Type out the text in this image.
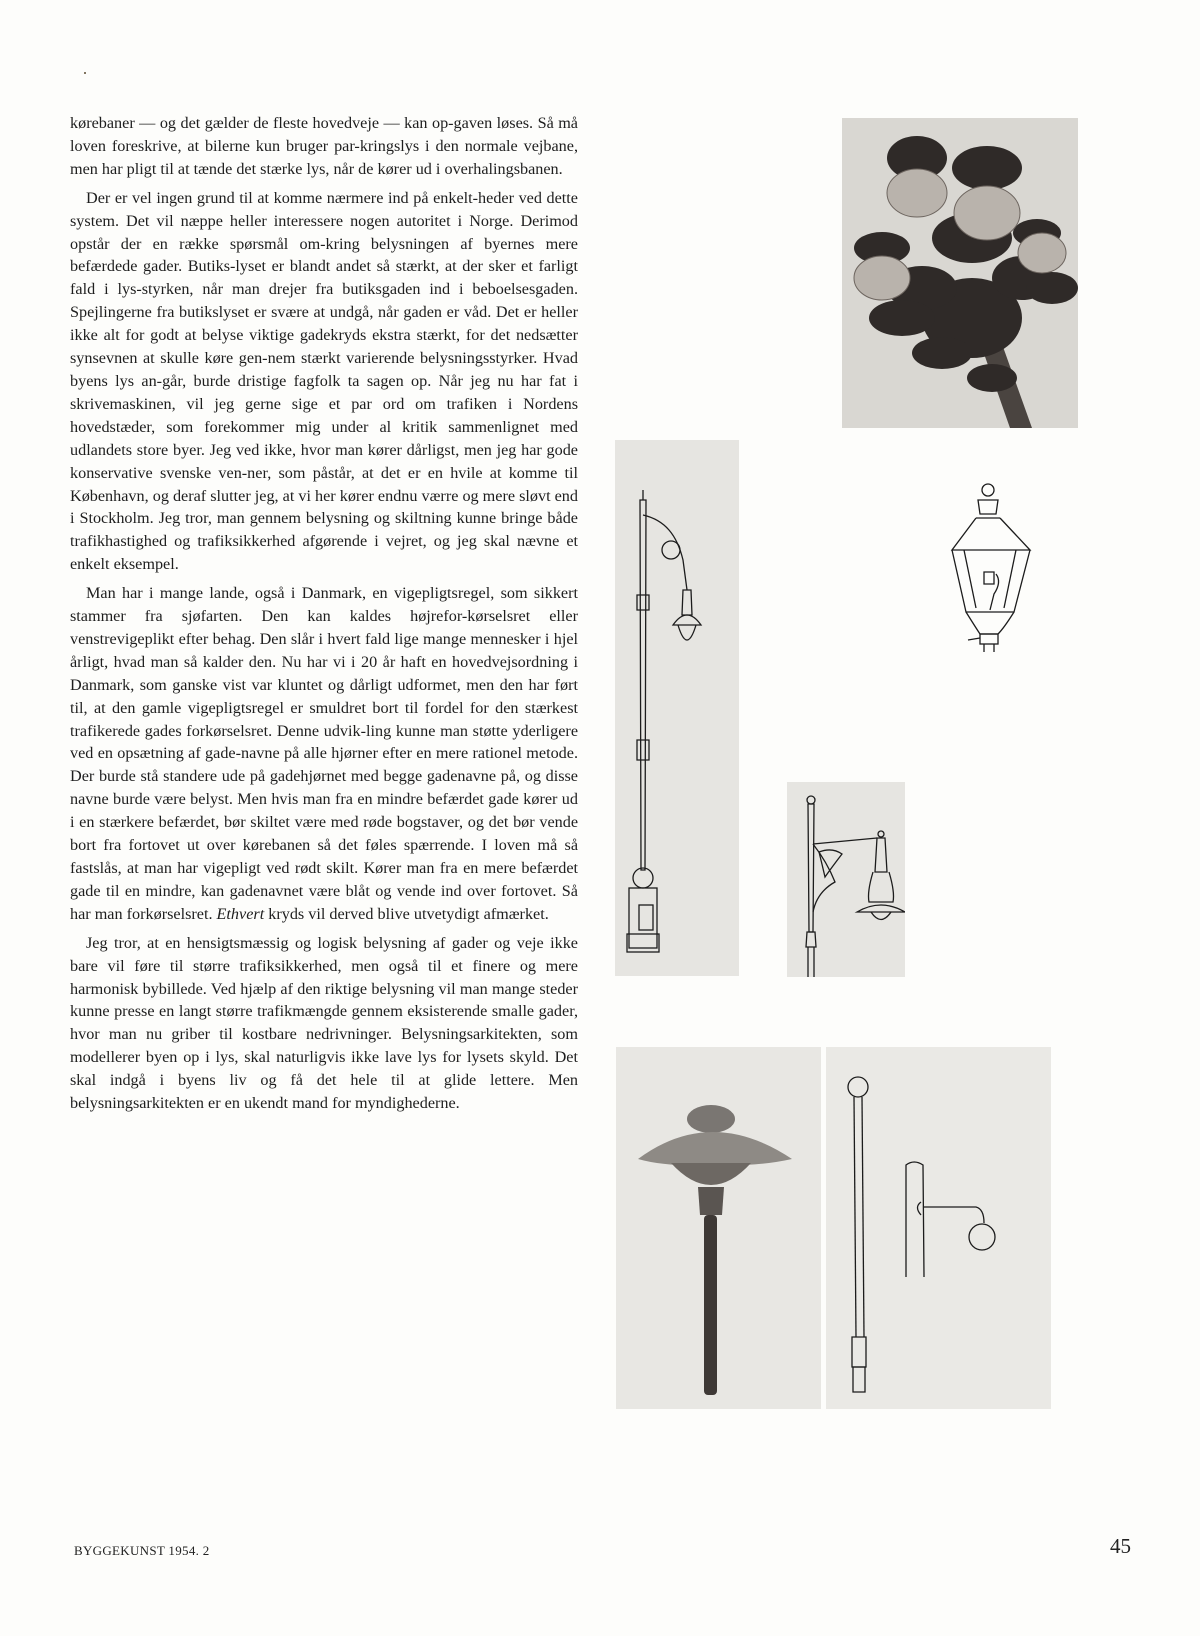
kørebaner — og det gælder de fleste hovedveje — kan op-gaven løses. Så må loven foreskrive, at bilerne kun bruger par-kringslys i den normale vejbane, men har pligt til at tænde det stærke lys, når de kører ud i overhalingsbanen.

Der er vel ingen grund til at komme nærmere ind på enkelt-heder ved dette system. Det vil næppe heller interessere nogen autoritet i Norge. Derimod opstår der en række spørsmål om-kring belysningen af byernes mere befærdede gader. Butiks-lyset er blandt andet så stærkt, at der sker et farligt fald i lys-styrken, når man drejer fra butiksgaden ind i beboelsesgaden. Spejlingerne fra butikslyset er svære at undgå, når gaden er våd. Det er heller ikke alt for godt at belyse viktige gadekryds ekstra stærkt, for det nedsætter synsevnen at skulle køre gen-nem stærkt varierende belysningsstyrker. Hvad byens lys an-går, burde dristige fagfolk ta sagen op. Når jeg nu har fat i skrivemaskinen, vil jeg gerne sige et par ord om trafiken i Nordens hovedstæder, som forekommer mig under al kritik sammenlignet med udlandets store byer. Jeg ved ikke, hvor man kører dårligst, men jeg har gode konservative svenske ven-ner, som påstår, at det er en hvile at komme til København, og deraf slutter jeg, at vi her kører endnu værre og mere sløvt end i Stockholm. Jeg tror, man gennem belysning og skiltning kunne bringe både trafikhastighed og trafiksikkerhed afgørende i vejret, og jeg skal nævne et enkelt eksempel.

Man har i mange lande, også i Danmark, en vigepligtsregel, som sikkert stammer fra sjøfarten. Den kan kaldes højrefor-kørselsret eller venstrevigeplikt efter behag. Den slår i hvert fald lige mange mennesker i hjel årligt, hvad man så kalder den. Nu har vi i 20 år haft en hovedvejsordning i Danmark, som ganske vist var kluntet og dårligt udformet, men den har ført til, at den gamle vigepligtsregel er smuldret bort til fordel for den stærkest trafikerede gades forkørselsret. Denne udvik-ling kunne man støtte yderligere ved en opsætning af gade-navne på alle hjørner efter en mere rationel metode. Der burde stå standere ude på gadehjørnet med begge gadenavne på, og disse navne burde være belyst. Men hvis man fra en mindre befærdet gade kører ud i en stærkere befærdet, bør skiltet være med røde bogstaver, og det bør vende bort fra fortovet ut over kørebanen så det føles spærrende. I loven må så fastslås, at man har vigepligt ved rødt skilt. Kører man fra en mere befærdet gade til en mindre, kan gadenavnet være blåt og vende ind over fortovet. Så har man forkørselsret. Ethvert kryds vil derved blive utvetydigt afmærket.

Jeg tror, at en hensigtsmæssig og logisk belysning af gader og veje ikke bare vil føre til større trafiksikkerhed, men også til et finere og mere harmonisk bybillede. Ved hjælp af den riktige belysning vil man mange steder kunne presse en langt større trafikmængde gennem eksisterende smalle gader, hvor man nu griber til kostbare nedrivninger. Belysningsarkitekten, som modellerer byen op i lys, skal naturligvis ikke lave lys for lysets skyld. Det skal indgå i byens liv og få det hele til at glide lettere. Men belysningsarkitekten er en ukendt mand for myndighederne.

BYGGEKUNST 1954. 2	45
